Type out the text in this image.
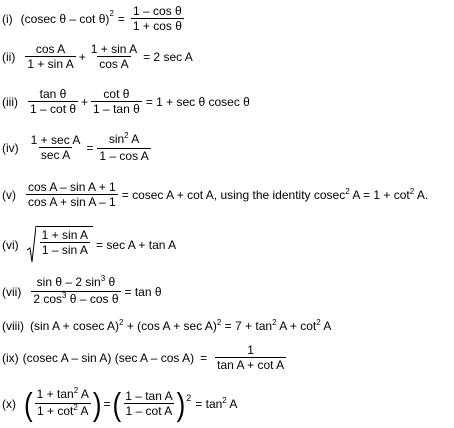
(i) (cosec θ – cot θ) $2 = \frac{\text{1 – cos θ}}{\text{1 + cos θ}}$
$(ii) \frac{\text{cos A}}{\text{1 + sin A}} + \frac{\text{1 + sin A}}{\text{cos A}} = 2$ sec A
$(iii) \frac{\text{tan θ}}{\text{1 – cot θ}} + \frac{\text{cot θ}}{\text{1 – tan θ}} = 1 + \sec \theta$ cosec θ
$(iv) \frac{\text{1 + sec A}}{\text{sec A}} = \frac{\sin^2 A}{\text{1 – cos A}}$
$(v) \frac{\text{cos A – sin A + 1}}{\text{cos A + sin A – 1}} = cosec$ A + cot A, using the identity cosec$^2$ $A = 1 + \cot^2 A$.
$(vi) \frac{\text{1 + sin A}}{\text{1 – sin A}} = \sec A + \tan A$
$(vii) \frac{\sin \theta - 2 \sin^3 \theta}{2 \cos^3 \theta - \cos \theta} = \tan \theta$
(viii) (sin A + cosec A)$^2$ + (cos $A + \sec A)^2 = 7 + \tan^2 A + \cot^2 A$
(ix) (cosec A – sin A) (sec $A - \cos A) = \frac{1}{\text{tan A + cot A}}$
(x) ( $\frac{1 + \tan^2 A}{1 + \cot^2 A}$ ) = ( $\frac{\text{1 – tan A}}{\text{1 – cot A}}$ ) $2 = \tan^2 A$
